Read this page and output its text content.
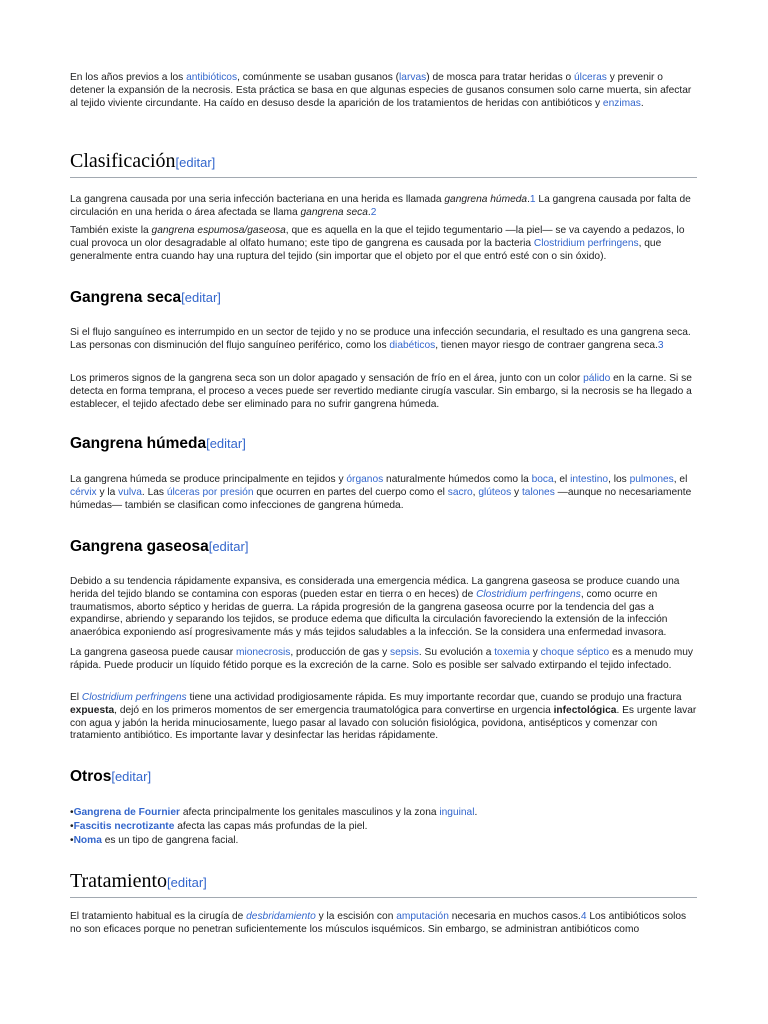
En los años previos a los antibióticos, comúnmente se usaban gusanos (larvas) de mosca para tratar heridas o úlceras y prevenir o detener la expansión de la necrosis. Esta práctica se basa en que algunas especies de gusanos consumen solo carne muerta, sin afectar al tejido viviente circundante. Ha caído en desuso desde la aparición de los tratamientos de heridas con antibióticos y enzimas.

Clasificación[editar]

La gangrena causada por una seria infección bacteriana en una herida es llamada gangrena húmeda.1 La gangrena causada por falta de circulación en una herida o área afectada se llama gangrena seca.2

También existe la gangrena espumosa/gaseosa, que es aquella en la que el tejido tegumentario —la piel— se va cayendo a pedazos, lo cual provoca un olor desagradable al olfato humano; este tipo de gangrena es causada por la bacteria Clostridium perfringens, que generalmente entra cuando hay una ruptura del tejido (sin importar que el objeto por el que entró esté con o sin óxido).

Gangrena seca[editar]

Si el flujo sanguíneo es interrumpido en un sector de tejido y no se produce una infección secundaria, el resultado es una gangrena seca. Las personas con disminución del flujo sanguíneo periférico, como los diabéticos, tienen mayor riesgo de contraer gangrena seca.3

Los primeros signos de la gangrena seca son un dolor apagado y sensación de frío en el área, junto con un color pálido en la carne. Si se detecta en forma temprana, el proceso a veces puede ser revertido mediante cirugía vascular. Sin embargo, si la necrosis se ha llegado a establecer, el tejido afectado debe ser eliminado para no sufrir gangrena húmeda.

Gangrena húmeda[editar]

La gangrena húmeda se produce principalmente en tejidos y órganos naturalmente húmedos como la boca, el intestino, los pulmones, el cérvix y la vulva. Las úlceras por presión que ocurren en partes del cuerpo como el sacro, glúteos y talones —aunque no necesariamente húmedas— también se clasifican como infecciones de gangrena húmeda.

Gangrena gaseosa[editar]

Debido a su tendencia rápidamente expansiva, es considerada una emergencia médica. La gangrena gaseosa se produce cuando una herida del tejido blando se contamina con esporas (pueden estar en tierra o en heces) de Clostridium perfringens, como ocurre en traumatismos, aborto séptico y heridas de guerra. La rápida progresión de la gangrena gaseosa ocurre por la tendencia del gas a expandirse, abriendo y separando los tejidos, se produce edema que dificulta la circulación favoreciendo la extensión de la infección anaeróbica exponiendo así progresivamente más y más tejidos saludables a la infección. Se la considera una enfermedad invasora.

La gangrena gaseosa puede causar mionecrosis, producción de gas y sepsis. Su evolución a toxemia y choque séptico es a menudo muy rápida. Puede producir un líquido fétido porque es la excreción de la carne. Solo es posible ser salvado extirpando el tejido infectado.

El Clostridium perfringens tiene una actividad prodigiosamente rápida. Es muy importante recordar que, cuando se produjo una fractura expuesta, dejó en los primeros momentos de ser emergencia traumatológica para convertirse en urgencia infectológica. Es urgente lavar con agua y jabón la herida minuciosamente, luego pasar al lavado con solución fisiológica, povidona, antisépticos y comenzar con tratamiento antibiótico. Es importante lavar y desinfectar las heridas rápidamente.

Otros[editar]

•Gangrena de Fournier afecta principalmente los genitales masculinos y la zona inguinal.

•Fascitis necrotizante afecta las capas más profundas de la piel.

•Noma es un tipo de gangrena facial.

Tratamiento[editar]

El tratamiento habitual es la cirugía de desbridamiento y la escisión con amputación necesaria en muchos casos.4 Los antibióticos solos no son eficaces porque no penetran suficientemente los músculos isquémicos. Sin embargo, se administran antibióticos como
